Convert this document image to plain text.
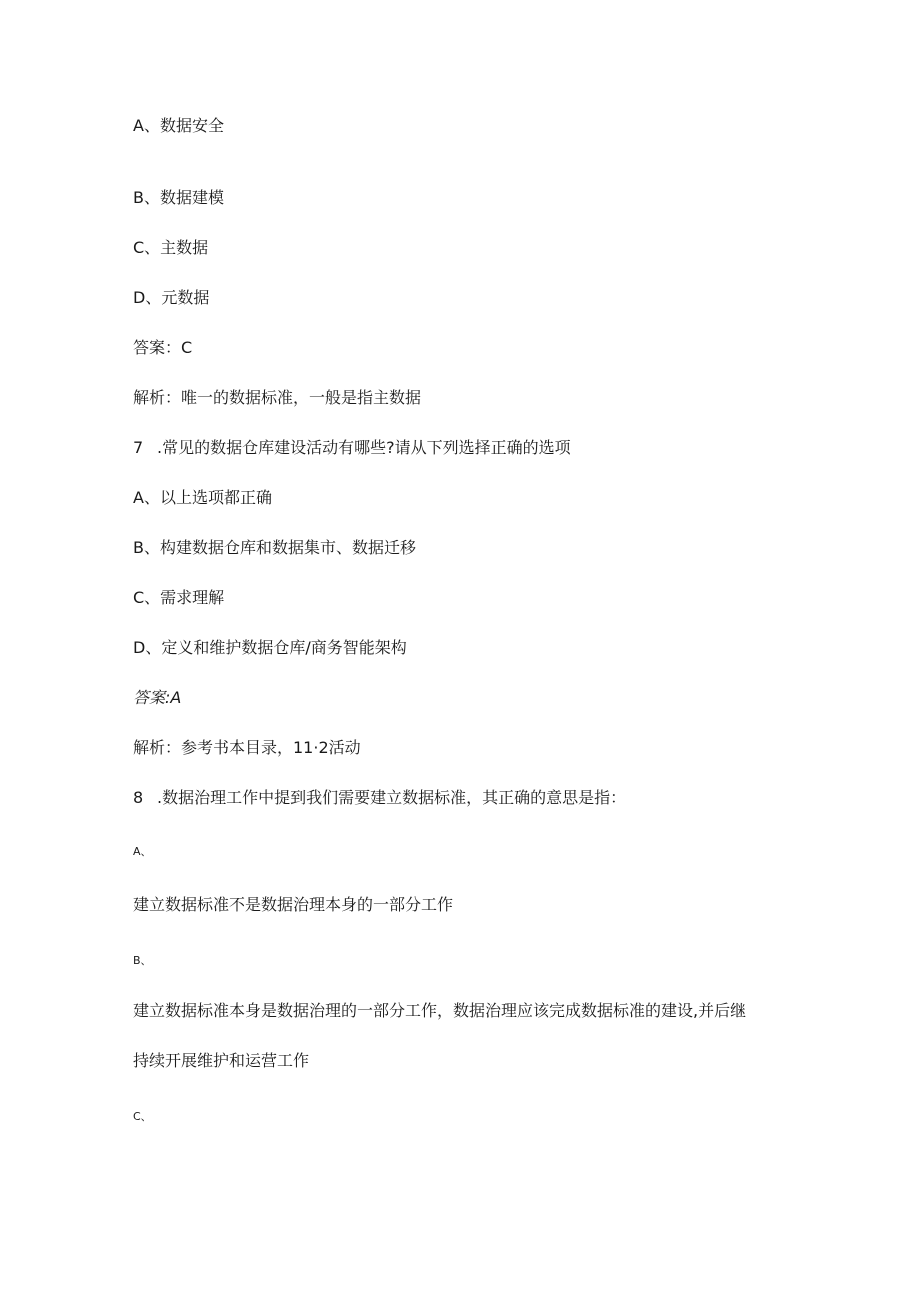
A、数据安全
B、数据建模
C、主数据
D、元数据
答案：C
解析：唯一的数据标准，一般是指主数据
7 .常见的数据仓库建设活动有哪些?请从下列选择正确的选项
A、以上选项都正确
B、构建数据仓库和数据集市、数据迁移
C、需求理解
D、定义和维护数据仓库/商务智能架构
答案:A
解析：参考书本目录，11·2活动
8 .数据治理工作中提到我们需要建立数据标准，其正确的意思是指：
A、
建立数据标准不是数据治理本身的一部分工作
B、
建立数据标准本身是数据治理的一部分工作，数据治理应该完成数据标准的建设,并后继
持续开展维护和运营工作
C、
